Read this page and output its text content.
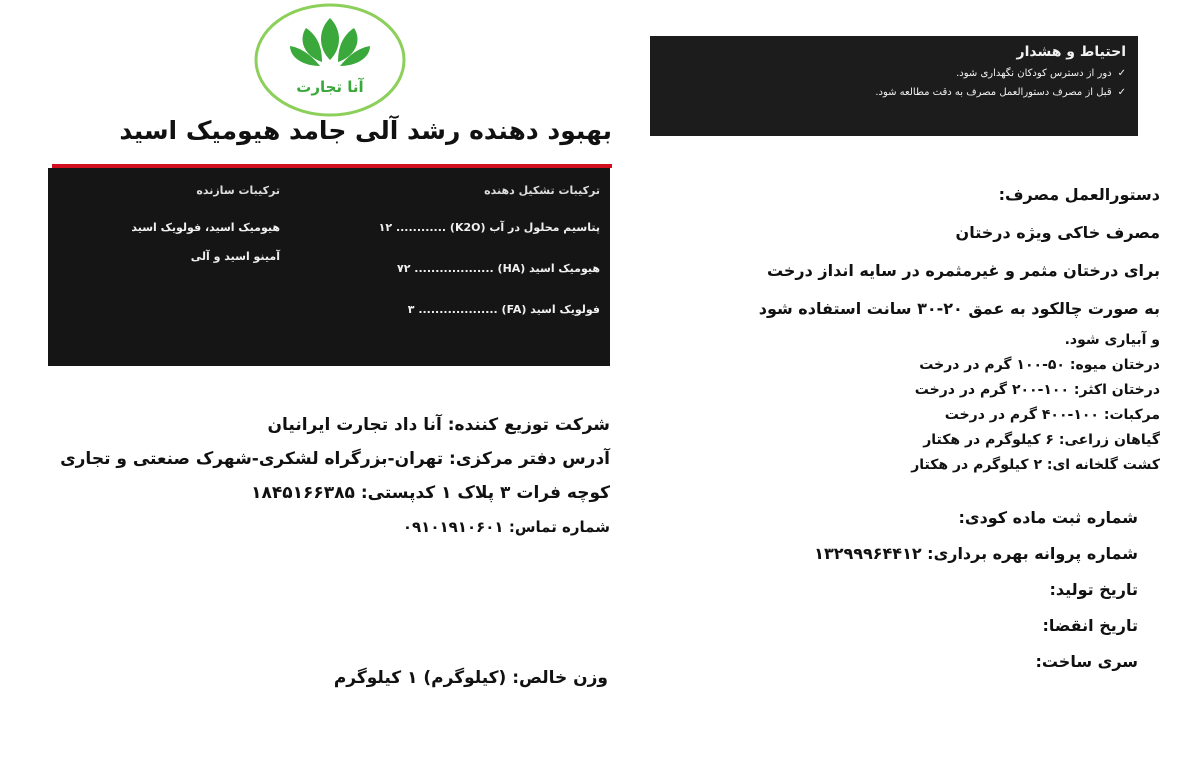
آنا تجارت
بهبود دهنده رشد آلی جامد هیومیک اسید
ترکیبات تشکیل دهنده
پتاسیم محلول در آب (K2O) ............ ۱۲
هیومیک اسید (HA) ................... ۷۲
فولویک اسید (FA) ................... ۳
ترکیبات سازنده
هیومیک اسید، فولویک اسید
آمینو اسید و آلی
شرکت توزیع کننده: آنا داد تجارت ایرانیان
آدرس دفتر مرکزی: تهران-بزرگراه لشکری-شهرک صنعتی و تجاری
کوچه فرات ۳ پلاک ۱ کدپستی: ۱۸۴۵۱۶۶۳۸۵
شماره تماس: ۰۹۱۰۱۹۱۰۶۰۱
وزن خالص: (کیلوگرم) ۱ کیلوگرم
احتیاط و هشدار
✓دور از دسترس کودکان نگهداری شود.
✓قبل از مصرف دستورالعمل مصرف به دقت مطالعه شود.
دستورالعمل مصرف:
مصرف خاکی ویژه درختان
برای درختان مثمر و غیرمثمره در سایه انداز درخت
به صورت چالکود به عمق ۲۰-۳۰ سانت استفاده شود
و آبیاری شود.
درختان میوه: ۵۰-۱۰۰ گرم در درخت
درختان اکثر: ۱۰۰-۲۰۰ گرم در درخت
مرکبات: ۱۰۰-۴۰۰ گرم در درخت
گیاهان زراعی: ۶ کیلوگرم در هکتار
کشت گلخانه ای: ۲ کیلوگرم در هکتار
شماره ثبت ماده کودی:
شماره پروانه بهره برداری: ۱۳۲۹۹۹۶۴۴۱۲
تاریخ تولید:
تاریخ انقضا:
سری ساخت:
